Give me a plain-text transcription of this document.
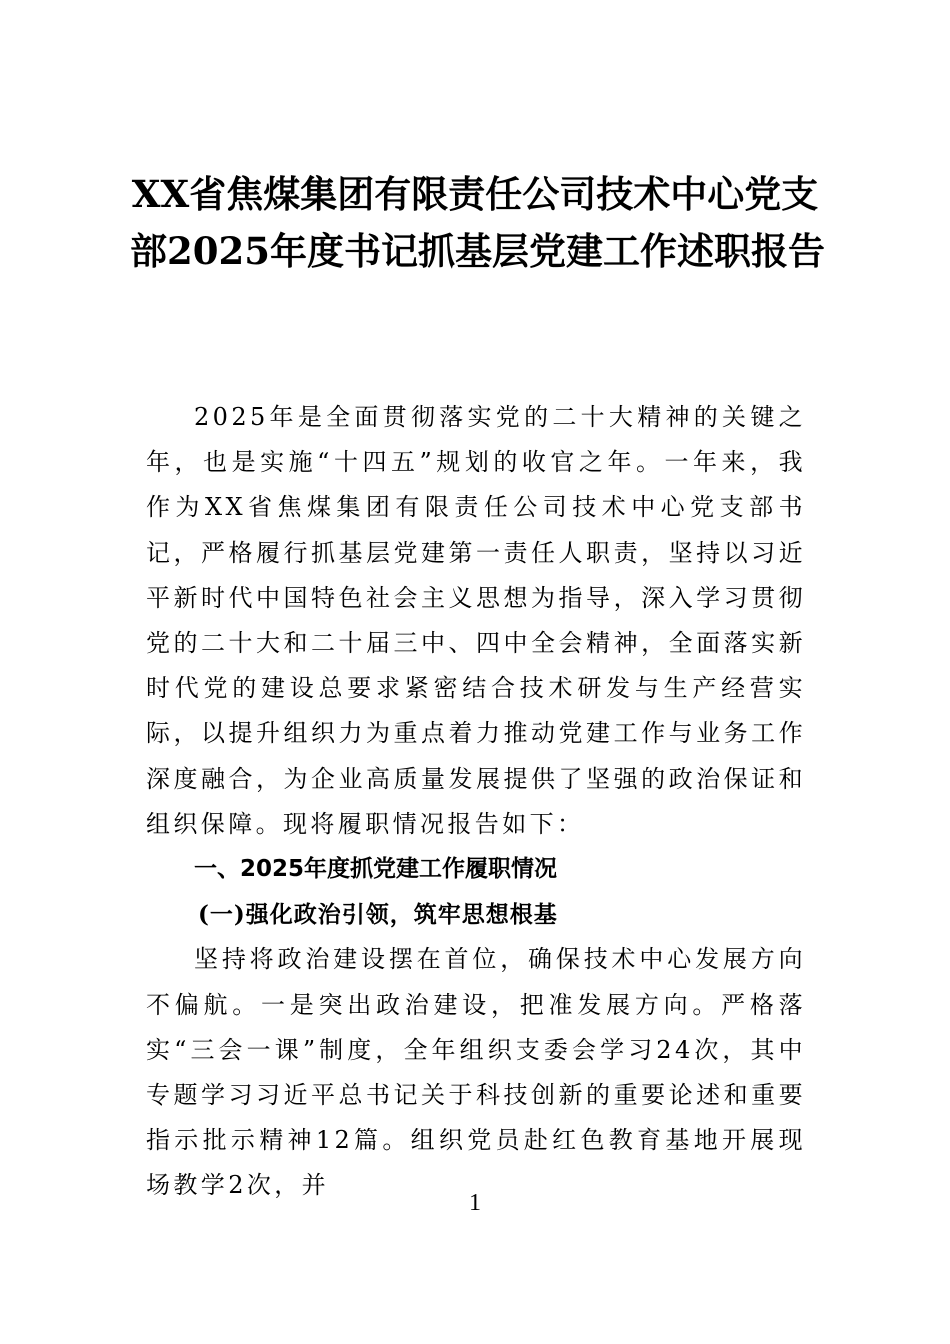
XX省焦煤集团有限责任公司技术中心党支
部2025年度书记抓基层党建工作述职报告

2025年是全面贯彻落实党的二十大精神的关键之年，也是实施“十四五”规划的收官之年。一年来，我作为XX省焦煤集团有限责任公司技术中心党支部书记，严格履行抓基层党建第一责任人职责，坚持以习近平新时代中国特色社会主义思想为指导，深入学习贯彻党的二十大和二十届三中、四中全会精神，全面落实新时代党的建设总要求紧密结合技术研发与生产经营实际，以提升组织力为重点着力推动党建工作与业务工作深度融合，为企业高质量发展提供了坚强的政治保证和组织保障。现将履职情况报告如下：

一、2025年度抓党建工作履职情况

(一)强化政治引领，筑牢思想根基

坚持将政治建设摆在首位，确保技术中心发展方向不偏航。一是突出政治建设，把准发展方向。严格落实“三会一课”制度，全年组织支委会学习24次，其中专题学习习近平总书记关于科技创新的重要论述和重要指示批示精神12篇。组织党员赴红色教育基地开展现场教学2次，并

1
